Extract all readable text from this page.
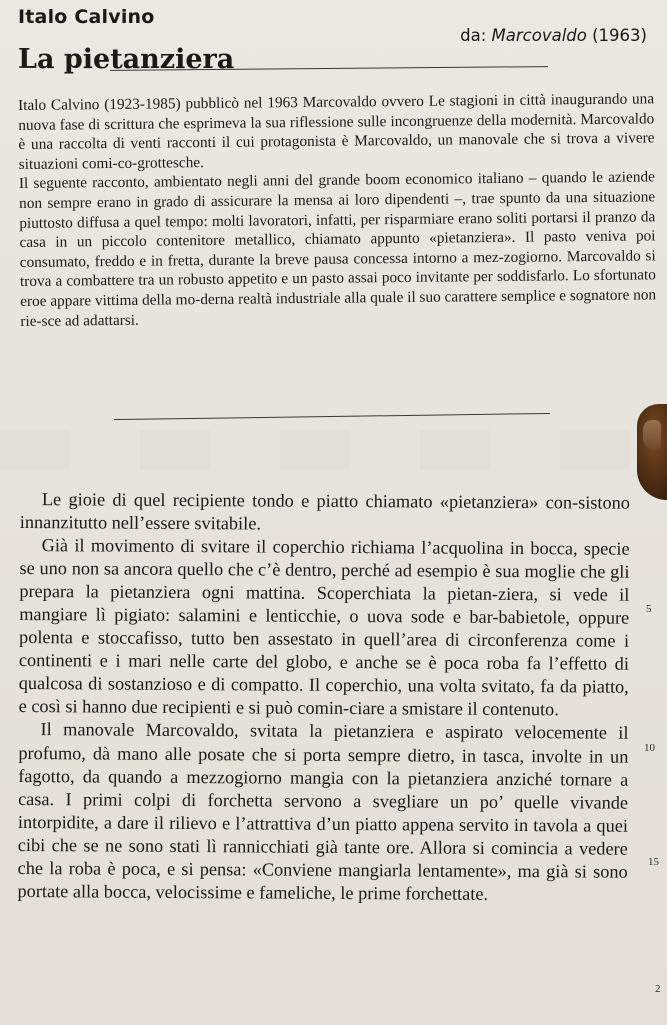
Italo Calvino
da: Marcovaldo (1963)
La pietanziera

Italo Calvino (1923-1985) pubblicò nel 1963 Marcovaldo ovvero Le stagioni in città inaugurando una nuova fase di scrittura che esprimeva la sua riflessione sulle incongruenze della modernità. Marcovaldo è una raccolta di venti racconti il cui protagonista è Marcovaldo, un manovale che si trova a vivere situazioni comi-co-grottesche.

Il seguente racconto, ambientato negli anni del grande boom economico italiano – quando le aziende non sempre erano in grado di assicurare la mensa ai loro dipendenti –, trae spunto da una situazione piuttosto diffusa a quel tempo: molti lavoratori, infatti, per risparmiare erano soliti portarsi il pranzo da casa in un piccolo contenitore metallico, chiamato appunto «pietanziera». Il pasto veniva poi consumato, freddo e in fretta, durante la breve pausa concessa intorno a mez-zogiorno. Marcovaldo si trova a combattere tra un robusto appetito e un pasto assai poco invitante per soddisfarlo. Lo sfortunato eroe appare vittima della mo-derna realtà industriale alla quale il suo carattere semplice e sognatore non rie-sce ad adattarsi.

Le gioie di quel recipiente tondo e piatto chiamato «pietanziera» con-sistono innanzitutto nell’essere svitabile.

Già il movimento di svitare il coperchio richiama l’acquolina in bocca, specie se uno non sa ancora quello che c’è dentro, perché ad esempio è sua moglie che gli prepara la pietanziera ogni mattina. Scoperchiata la pietan-ziera, si vede il mangiare lì pigiato: salamini e lenticchie, o uova sode e bar-babietole, oppure polenta e stoccafisso, tutto ben assestato in quell’area di circonferenza come i continenti e i mari nelle carte del globo, e anche se è poca roba fa l’effetto di qualcosa di sostanzioso e di compatto. Il coperchio, una volta svitato, fa da piatto, e così si hanno due recipienti e si può comin-ciare a smistare il contenuto.

Il manovale Marcovaldo, svitata la pietanziera e aspirato velocemente il profumo, dà mano alle posate che si porta sempre dietro, in tasca, involte in un fagotto, da quando a mezzogiorno mangia con la pietanziera anziché tornare a casa. I primi colpi di forchetta servono a svegliare un po’ quelle vivande intorpidite, a dare il rilievo e l’attrattiva d’un piatto appena servito in tavola a quei cibi che se ne sono stati lì rannicchiati già tante ore. Allora si comincia a vedere che la roba è poca, e si pensa: «Conviene mangiarla lentamente», ma già si sono portate alla bocca, velocissime e fameliche, le prime forchettate.

5
10
15
2
